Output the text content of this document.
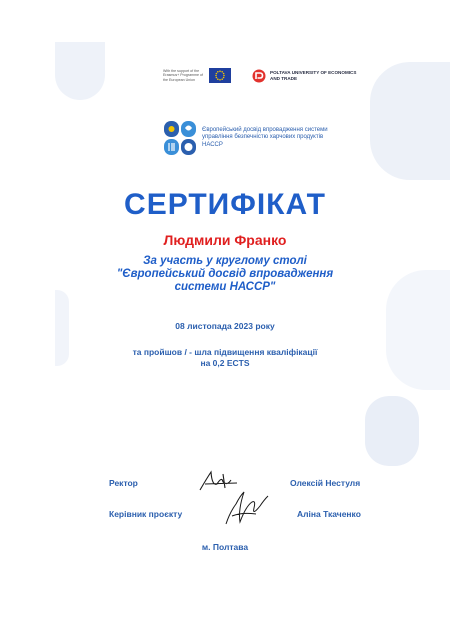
With the support of the Erasmus+ Programme of the European Union
POLTAVA UNIVERSITY OF ECONOMICS AND TRADE
Європейський досвід впровадження системи управління безпечністю харчових продуктів НАССР
СЕРТИФІКАТ
Людмили Франко
За участь у круглому столі
"Європейський досвід впровадження
системи НАССР"
08 листопада 2023 року
та пройшов / - шла підвищення кваліфікації
на 0,2 ECTS
Ректор	Олексій Нестуля
Керівник проєкту	Аліна Ткаченко
м. Полтава
